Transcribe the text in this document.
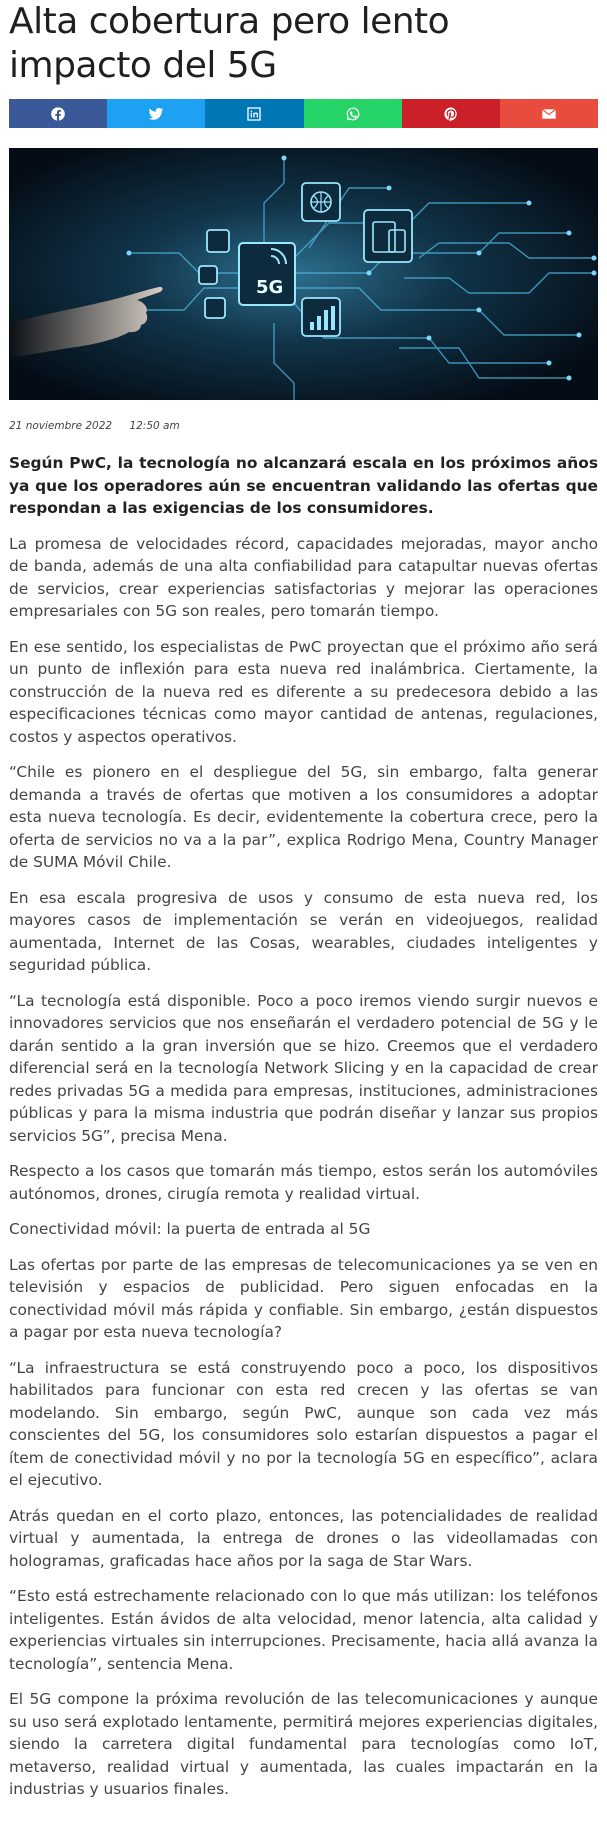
Alta cobertura pero lento impacto del 5G
5G
21 noviembre 2022 12:50 am

Según PwC, la tecnología no alcanzará escala en los próximos años ya que los operadores aún se encuentran validando las ofertas que respondan a las exigencias de los consumidores.

La promesa de velocidades récord, capacidades mejoradas, mayor ancho de banda, además de una alta confiabilidad para catapultar nuevas ofertas de servicios, crear experiencias satisfactorias y mejorar las operaciones empresariales con 5G son reales, pero tomarán tiempo.

En ese sentido, los especialistas de PwC proyectan que el próximo año será un punto de inflexión para esta nueva red inalámbrica. Ciertamente, la construcción de la nueva red es diferente a su predecesora debido a las especificaciones técnicas como mayor cantidad de antenas, regulaciones, costos y aspectos operativos.

“Chile es pionero en el despliegue del 5G, sin embargo, falta generar demanda a través de ofertas que motiven a los consumidores a adoptar esta nueva tecnología. Es decir, evidentemente la cobertura crece, pero la oferta de servicios no va a la par”, explica Rodrigo Mena, Country Manager de SUMA Móvil Chile.

En esa escala progresiva de usos y consumo de esta nueva red, los mayores casos de implementación se verán en videojuegos, realidad aumentada, Internet de las Cosas, wearables, ciudades inteligentes y seguridad pública.

“La tecnología está disponible. Poco a poco iremos viendo surgir nuevos e innovadores servicios que nos enseñarán el verdadero potencial de 5G y le darán sentido a la gran inversión que se hizo. Creemos que el verdadero diferencial será en la tecnología Network Slicing y en la capacidad de crear redes privadas 5G a medida para empresas, instituciones, administraciones públicas y para la misma industria que podrán diseñar y lanzar sus propios servicios 5G”, precisa Mena.

Respecto a los casos que tomarán más tiempo, estos serán los automóviles autónomos, drones, cirugía remota y realidad virtual.

Conectividad móvil: la puerta de entrada al 5G

Las ofertas por parte de las empresas de telecomunicaciones ya se ven en televisión y espacios de publicidad. Pero siguen enfocadas en la conectividad móvil más rápida y confiable. Sin embargo, ¿están dispuestos a pagar por esta nueva tecnología?

“La infraestructura se está construyendo poco a poco, los dispositivos habilitados para funcionar con esta red crecen y las ofertas se van modelando. Sin embargo, según PwC, aunque son cada vez más conscientes del 5G, los consumidores solo estarían dispuestos a pagar el ítem de conectividad móvil y no por la tecnología 5G en específico”, aclara el ejecutivo.

Atrás quedan en el corto plazo, entonces, las potencialidades de realidad virtual y aumentada, la entrega de drones o las videollamadas con hologramas, graficadas hace años por la saga de Star Wars.

“Esto está estrechamente relacionado con lo que más utilizan: los teléfonos inteligentes. Están ávidos de alta velocidad, menor latencia, alta calidad y experiencias virtuales sin interrupciones. Precisamente, hacia allá avanza la tecnología”, sentencia Mena.

El 5G compone la próxima revolución de las telecomunicaciones y aunque su uso será explotado lentamente, permitirá mejores experiencias digitales, siendo la carretera digital fundamental para tecnologías como IoT, metaverso, realidad virtual y aumentada, las cuales impactarán en la industrias y usuarios finales.
